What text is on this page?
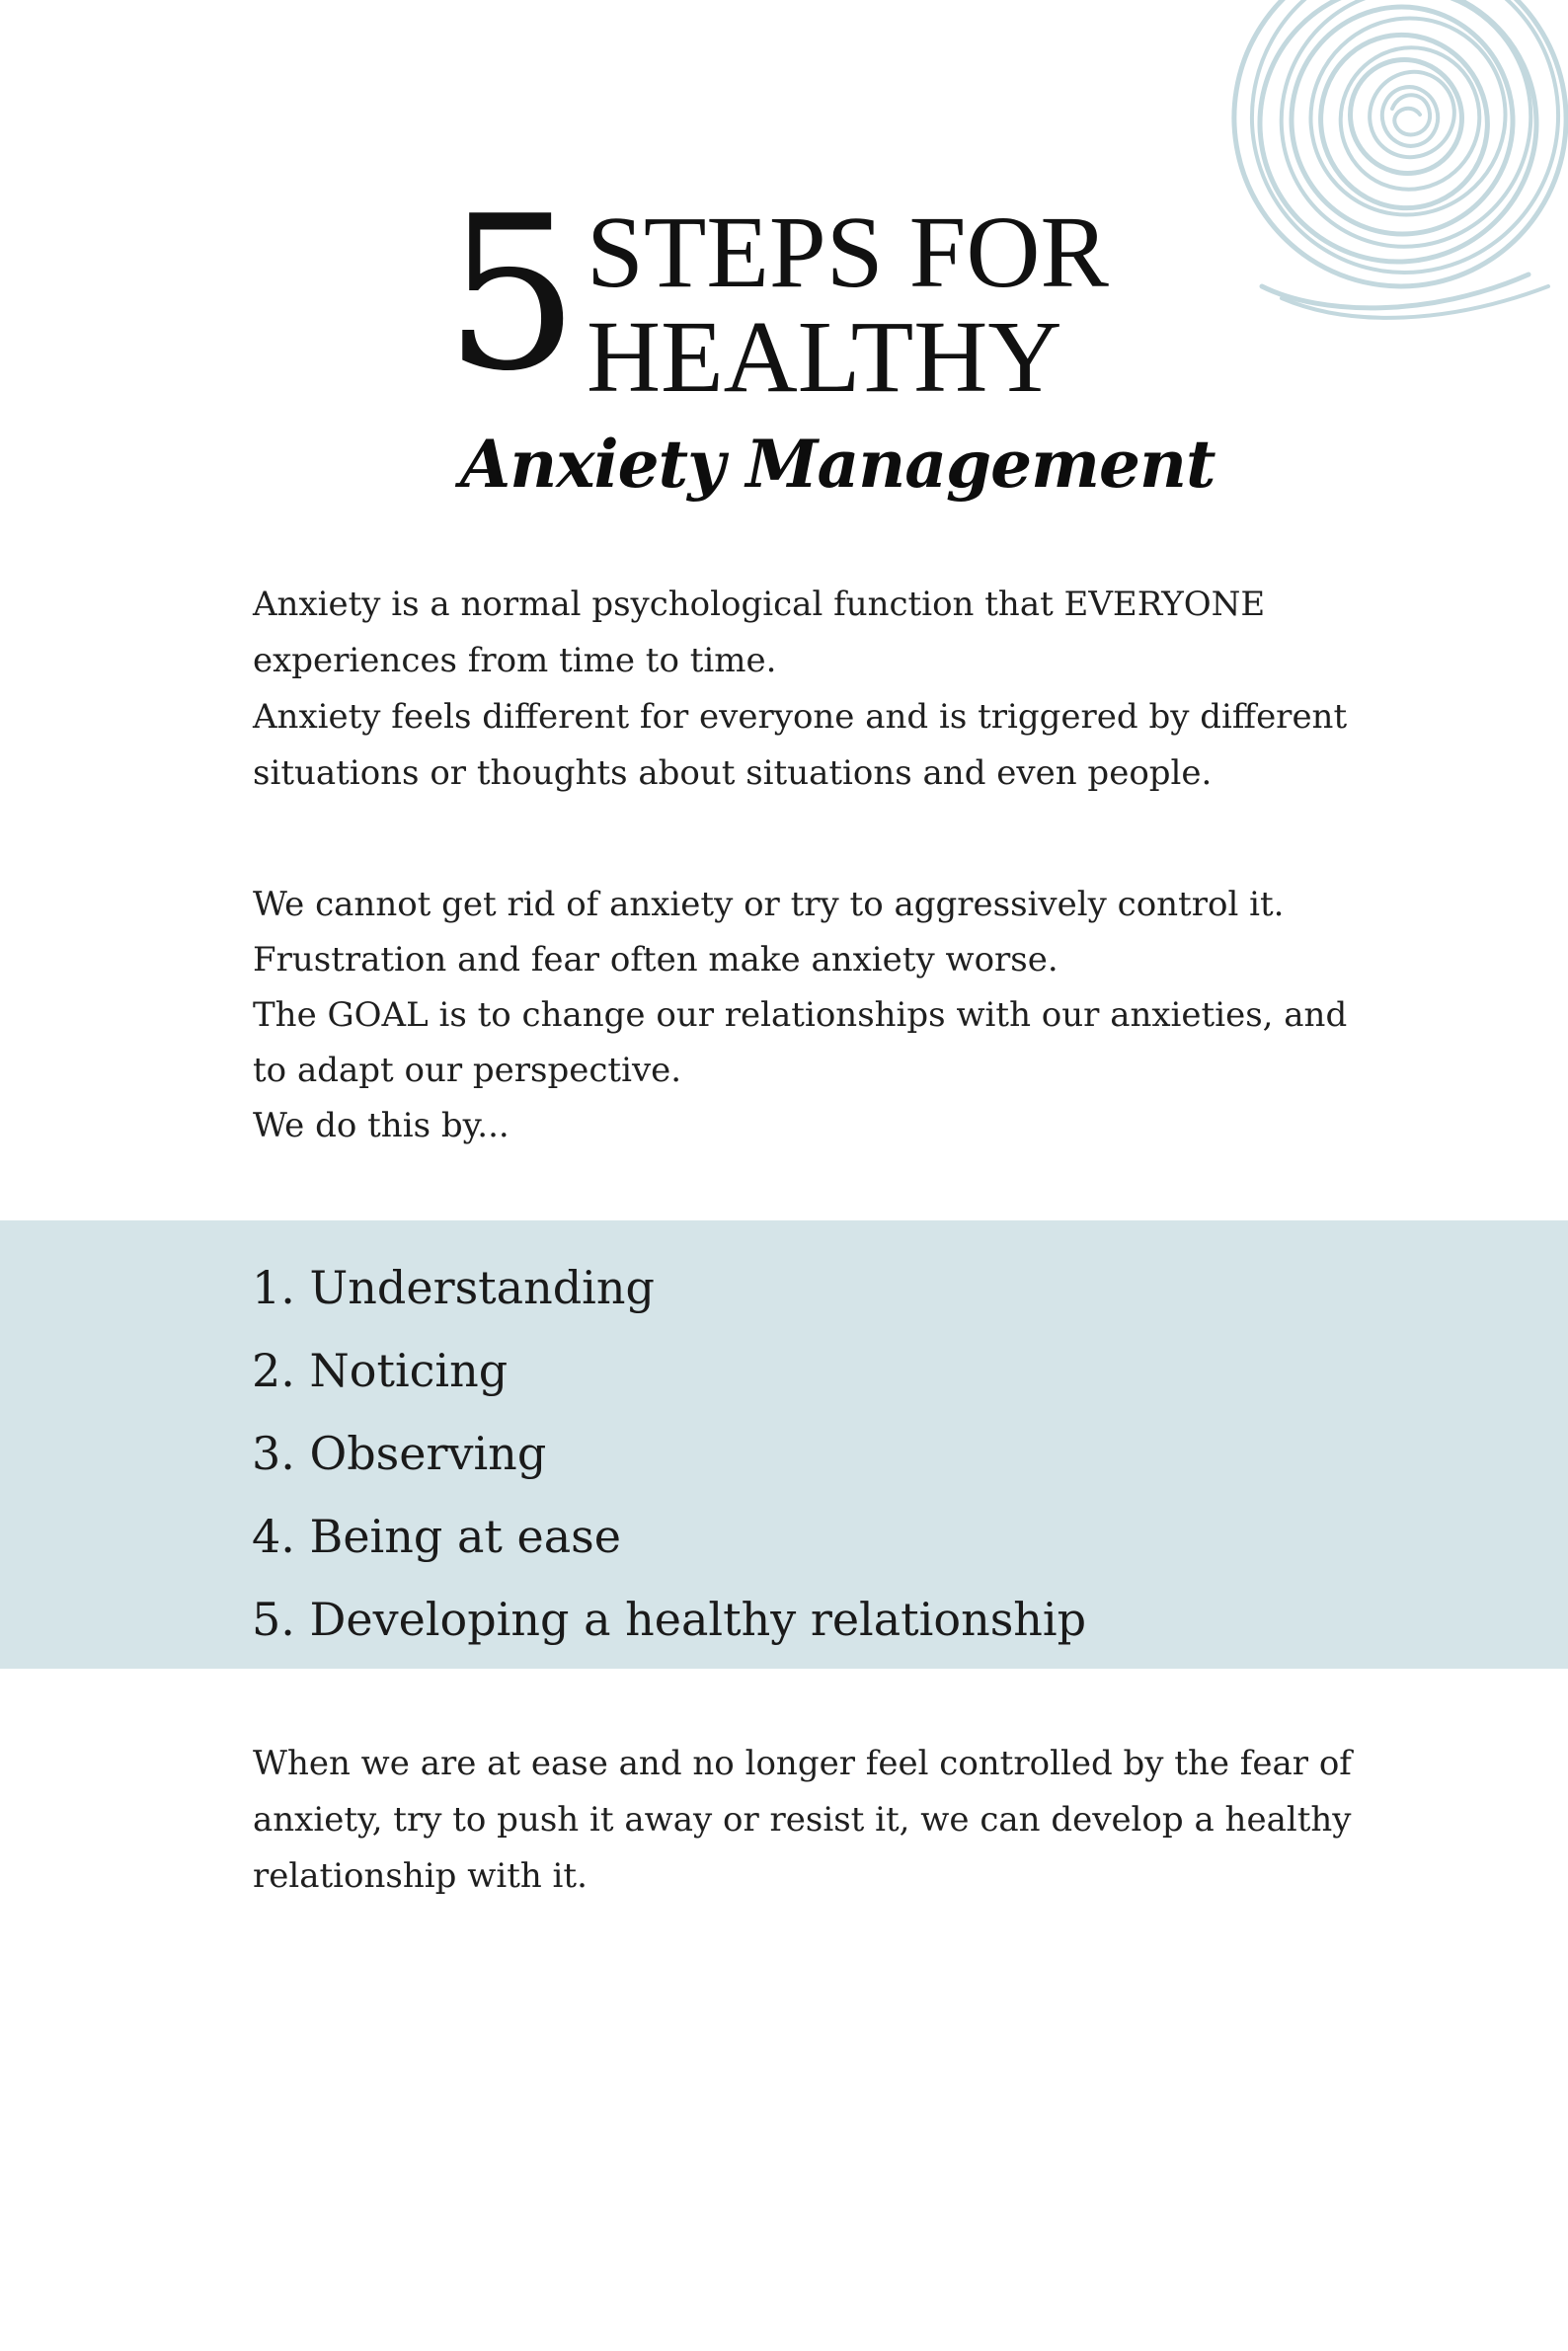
5 STEPS FOR
HEALTHY
Anxiety Management
Anxiety is a normal psychological function that EVERYONE
experiences from time to time.
Anxiety feels different for everyone and is triggered by different
situations or thoughts about situations and even people.
We cannot get rid of anxiety or try to aggressively control it.
Frustration and fear often make anxiety worse.
The GOAL is to change our relationships with our anxieties, and
to adapt our perspective.
We do this by...
1. Understanding
2. Noticing
3. Observing
4. Being at ease
5. Developing a healthy relationship
When we are at ease and no longer feel controlled by the fear of
anxiety, try to push it away or resist it, we can develop a healthy
relationship with it.
